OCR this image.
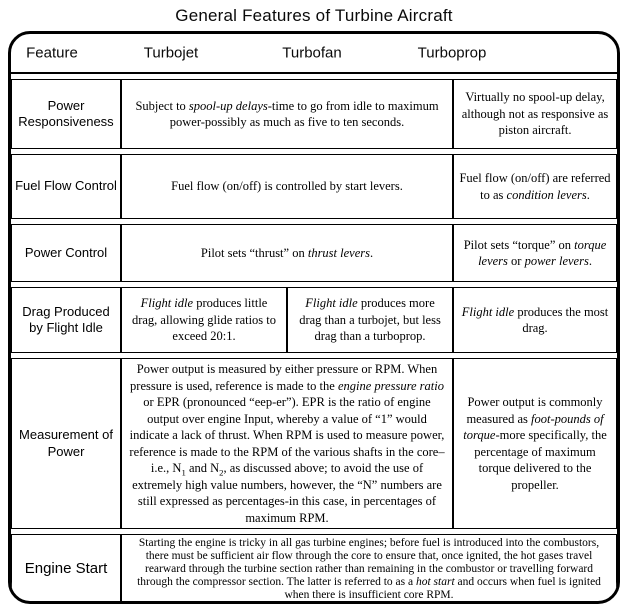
General Features of Turbine Aircraft
Feature	Turbojet	Turbofan	Turboprop
Power Responsiveness	Subject to spool-up delays-time to go from idle to maximum power-possibly as much as five to ten seconds.		Virtually no spool-up delay, although not as responsive as piston aircraft.
Fuel Flow Control	Fuel flow (on/off) is controlled by start levers.		Fuel flow (on/off) are referred to as condition levers.
Power Control	Pilot sets “thrust” on thrust levers.		Pilot sets “torque” on torque levers or power levers.
Drag Produced by Flight Idle	Flight idle produces little drag, allowing glide ratios to exceed 20:1.	Flight idle produces more drag than a turbojet, but less drag than a turboprop.	Flight idle produces the most drag.
Measurement of Power	Power output is measured by either pressure or RPM. When pressure is used, reference is made to the engine pressure ratio or EPR (pronounced “eep-er”). EPR is the ratio of engine output over engine Input, whereby a value of “1” would indicate a lack of thrust. When RPM is used to measure power, reference is made to the RPM of the various shafts in the core–i.e., $N_1$ and $N_2$, as discussed above; to avoid the use of extremely high value numbers, however, the “N” numbers are still expressed as percentages-in this case, in percentages of maximum RPM.		Power output is commonly measured as foot-pounds of torque-more specifically, the percentage of maximum torque delivered to the propeller.
Engine Start	Starting the engine is tricky in all gas turbine engines; before fuel is introduced into the combustors, there must be sufficient air flow through the core to ensure that, once ignited, the hot gases travel rearward through the turbine section rather than remaining in the combustor or travelling forward through the compressor section. The latter is referred to as a hot start and occurs when fuel is ignited when there is insufficient core RPM.		
